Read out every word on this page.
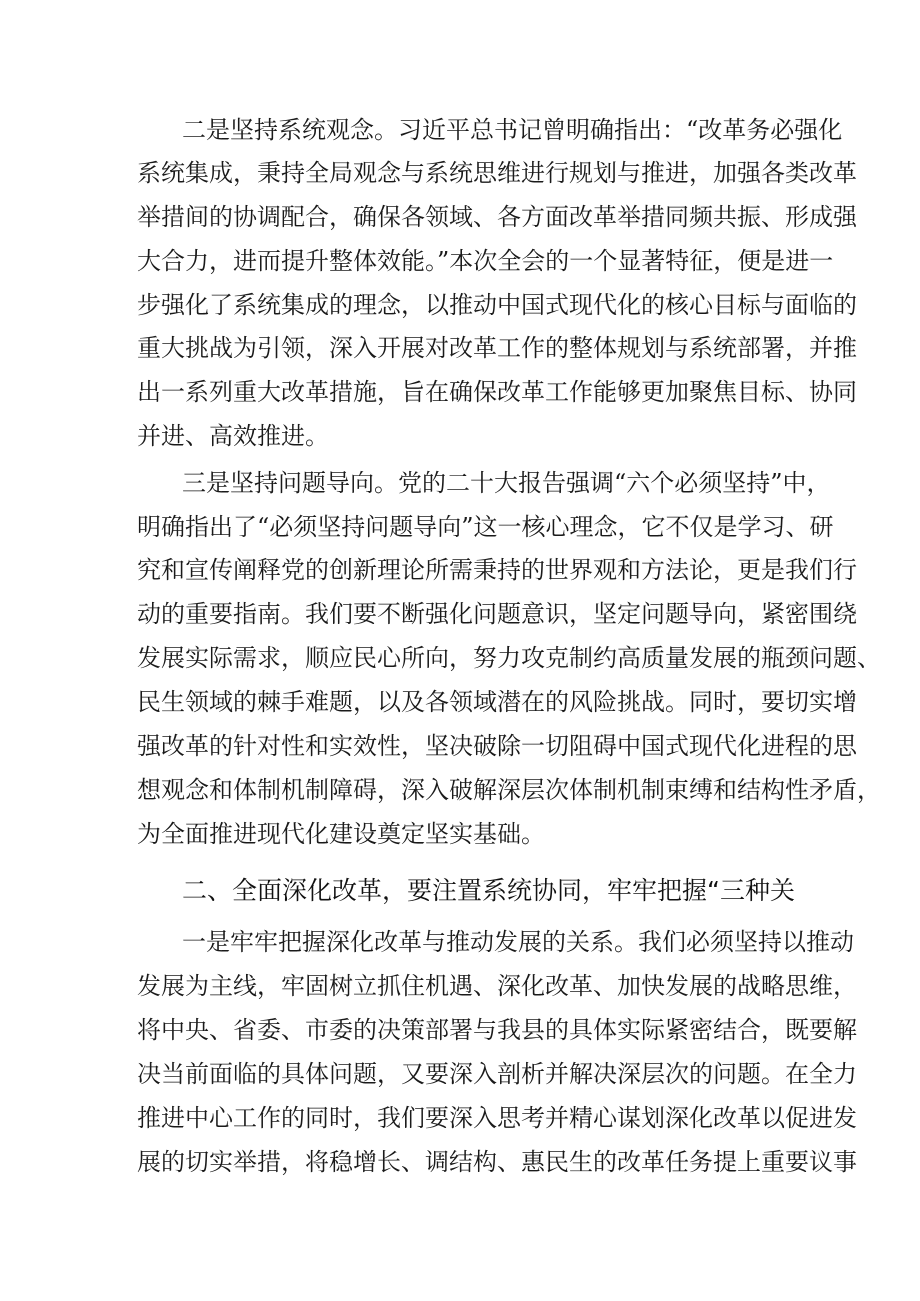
二是坚持系统观念。习近平总书记曾明确指出：“改革务必强化
系统集成，秉持全局观念与系统思维进行规划与推进，加强各类改革
举措间的协调配合，确保各领域、各方面改革举措同频共振、形成强
大合力，进而提升整体效能。”本次全会的一个显著特征，便是进一
步强化了系统集成的理念，以推动中国式现代化的核心目标与面临的
重大挑战为引领，深入开展对改革工作的整体规划与系统部署，并推
出一系列重大改革措施，旨在确保改革工作能够更加聚焦目标、协同
并进、高效推进。
三是坚持问题导向。党的二十大报告强调“六个必须坚持”中，
明确指出了“必须坚持问题导向”这一核心理念，它不仅是学习、研
究和宣传阐释党的创新理论所需秉持的世界观和方法论，更是我们行
动的重要指南。我们要不断强化问题意识，坚定问题导向，紧密围绕
发展实际需求，顺应民心所向，努力攻克制约高质量发展的瓶颈问题、
民生领域的棘手难题，以及各领域潜在的风险挑战。同时，要切实增
强改革的针对性和实效性，坚决破除一切阻碍中国式现代化进程的思
想观念和体制机制障碍，深入破解深层次体制机制束缚和结构性矛盾，
为全面推进现代化建设奠定坚实基础。
二、全面深化改革，要注置系统协同，牢牢把握“三种关
一是牢牢把握深化改革与推动发展的关系。我们必须坚持以推动
发展为主线，牢固树立抓住机遇、深化改革、加快发展的战略思维，
将中央、省委、市委的决策部署与我县的具体实际紧密结合，既要解
决当前面临的具体问题，又要深入剖析并解决深层次的问题。在全力
推进中心工作的同时，我们要深入思考并精心谋划深化改革以促进发
展的切实举措，将稳增长、调结构、惠民生的改革任务提上重要议事
